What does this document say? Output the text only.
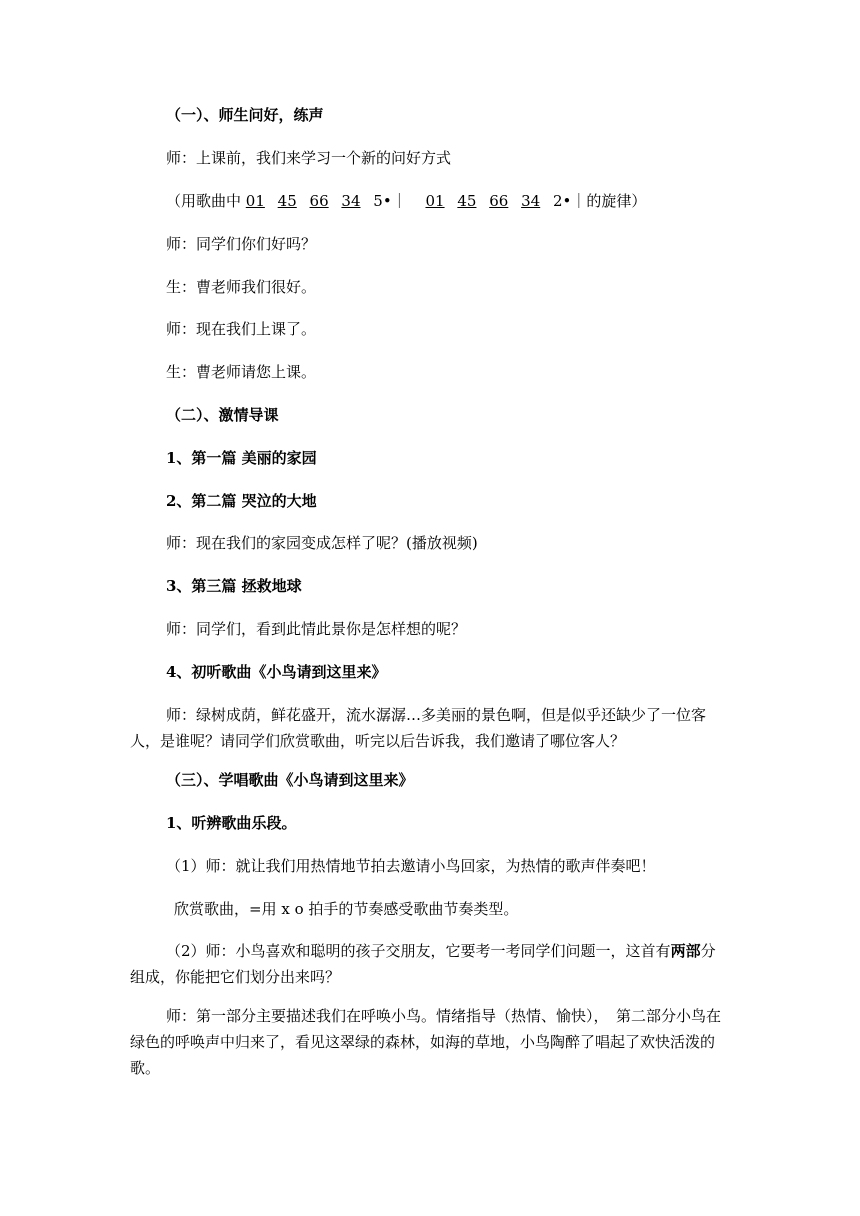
（一）、师生问好，练声
师：上课前，我们来学习一个新的问好方式
（用歌曲中 01 45 66 34 5•｜ 01 45 66 34 2•｜的旋律）
师：同学们你们好吗？
生：曹老师我们很好。
师：现在我们上课了。
生：曹老师请您上课。
（二）、激情导课
1、第一篇 美丽的家园
2、第二篇 哭泣的大地
师：现在我们的家园变成怎样了呢？(播放视频)
3、第三篇 拯救地球
师：同学们，看到此情此景你是怎样想的呢？
4、初听歌曲《小鸟请到这里来》
师：绿树成荫，鲜花盛开，流水潺潺…多美丽的景色啊，但是似乎还缺少了一位客人，是谁呢？请同学们欣赏歌曲，听完以后告诉我，我们邀请了哪位客人？
（三）、学唱歌曲《小鸟请到这里来》
1、听辨歌曲乐段。
（1）师：就让我们用热情地节拍去邀请小鸟回家，为热情的歌声伴奏吧！
欣赏歌曲，=用 x o 拍手的节奏感受歌曲节奏类型。
（2）师：小鸟喜欢和聪明的孩子交朋友，它要考一考同学们问题一，这首有两部分组成，你能把它们划分出来吗？
师：第一部分主要描述我们在呼唤小鸟。情绪指导（热情、愉快），　第二部分小鸟在绿色的呼唤声中归来了，看见这翠绿的森林，如海的草地，小鸟陶醉了唱起了欢快活泼的歌。
